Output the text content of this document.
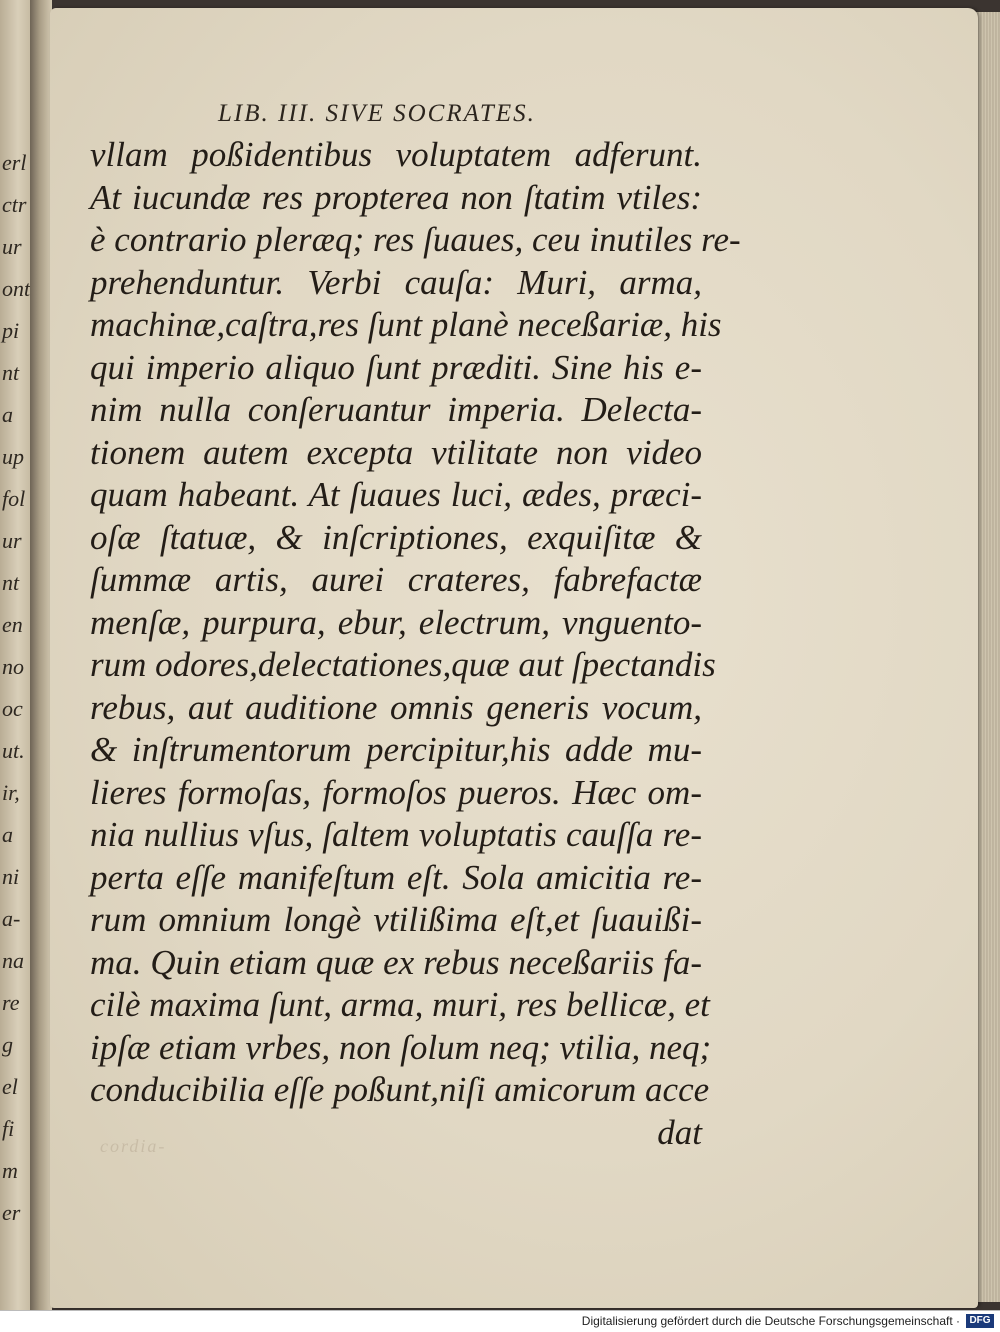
erl
ctr
ur
ont
pi
nt
a
up
fol
ur
nt
en
no
oc
ut.
ir,
a
ni
a-
na
re
g
el
fi
m
er
LIB. III. SIVE SOCRATES.
vllam poßidentibus voluptatem adferunt.
At iucundæ res propterea non ſtatim vtiles:
è contrario pleræq; res ſuaues, ceu inutiles re-
prehenduntur. Verbi cauſa: Muri, arma,
machinæ,caſtra,res ſunt planè neceßariæ, his
qui imperio aliquo ſunt præditi. Sine his e-
nim nulla conſeruantur imperia. Delecta-
tionem autem excepta vtilitate non video
quam habeant. At ſuaues luci, ædes, præci-
oſæ ſtatuæ, & inſcriptiones, exquiſitæ &
ſummæ artis, aurei crateres, fabrefactæ
menſæ, purpura, ebur, electrum, vnguento-
rum odores,delectationes,quæ aut ſpectandis
rebus, aut auditione omnis generis vocum,
& inſtrumentorum percipitur,his adde mu-
lieres formoſas, formoſos pueros. Hæc om-
nia nullius vſus, ſaltem voluptatis cauſſa re-
perta eſſe manifeſtum eſt. Sola amicitia re-
rum omnium longè vtilißima eſt,et ſuauißi-
ma. Quin etiam quæ ex rebus neceßariis fa-
cilè maxima ſunt, arma, muri, res bellicæ, et
ipſæ etiam vrbes, non ſolum neq; vtilia, neq;
conducibilia eſſe poßunt,niſi amicorum acce
dat
cordia-
Digitalisierung gefördert durch die Deutsche Forschungsgemeinschaft · DFG
